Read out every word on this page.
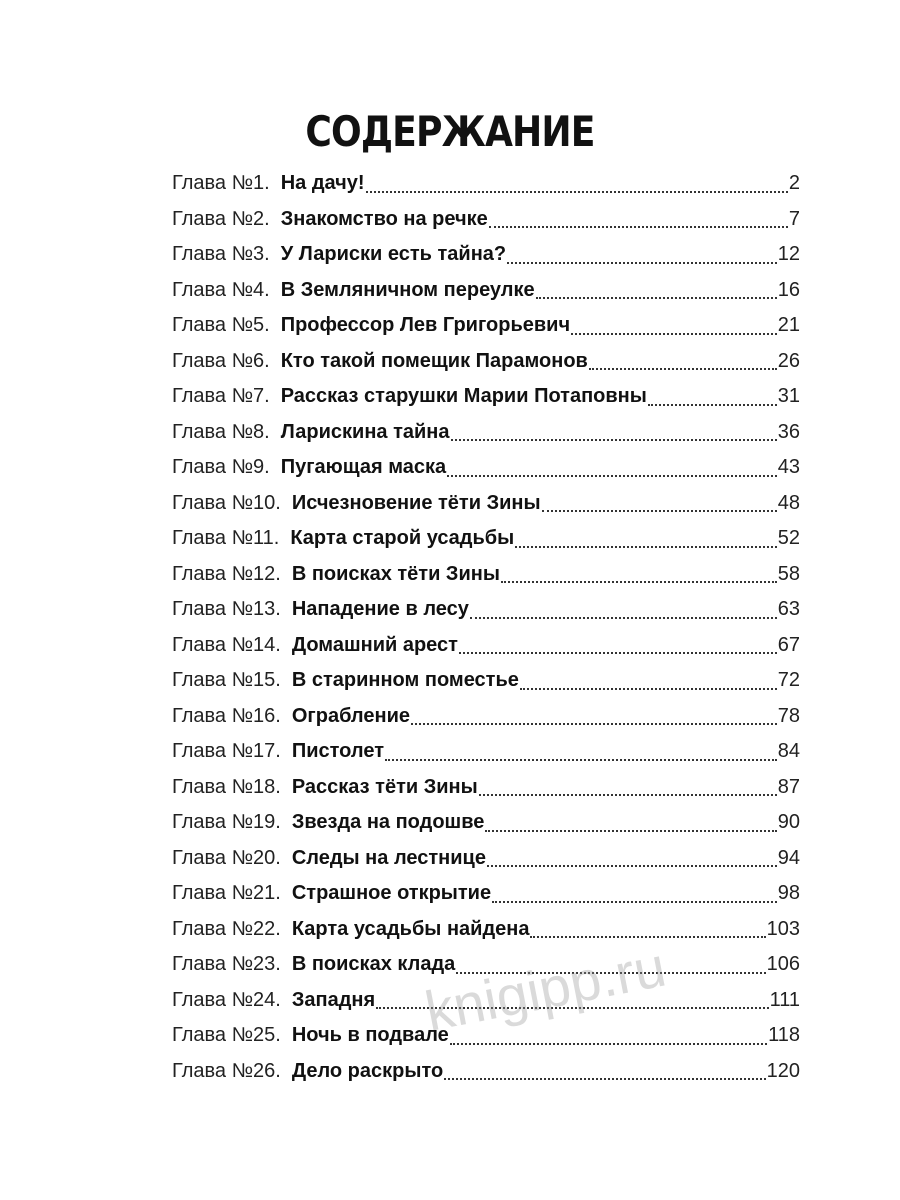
СОДЕРЖАНИЕ
Глава №1. На дачу!	2
Глава №2. Знакомство на речке	7
Глава №3. У Лариски есть тайна?	12
Глава №4. В Земляничном переулке	16
Глава №5. Профессор Лев Григорьевич	21
Глава №6. Кто такой помещик Парамонов	26
Глава №7. Рассказ старушки Марии Потаповны	31
Глава №8. Ларискина тайна	36
Глава №9. Пугающая маска	43
Глава №10. Исчезновение тёти Зины	48
Глава №11. Карта старой усадьбы	52
Глава №12. В поисках тёти Зины	58
Глава №13. Нападение в лесу	63
Глава №14. Домашний арест	67
Глава №15. В старинном поместье	72
Глава №16. Ограбление	78
Глава №17. Пистолет	84
Глава №18. Рассказ тёти Зины	87
Глава №19. Звезда на подошве	90
Глава №20. Следы на лестнице	94
Глава №21. Страшное открытие	98
Глава №22. Карта усадьбы найдена	103
Глава №23. В поисках клада	106
Глава №24. Западня	111
Глава №25. Ночь в подвале	118
Глава №26. Дело раскрыто	120
knigipp.ru
